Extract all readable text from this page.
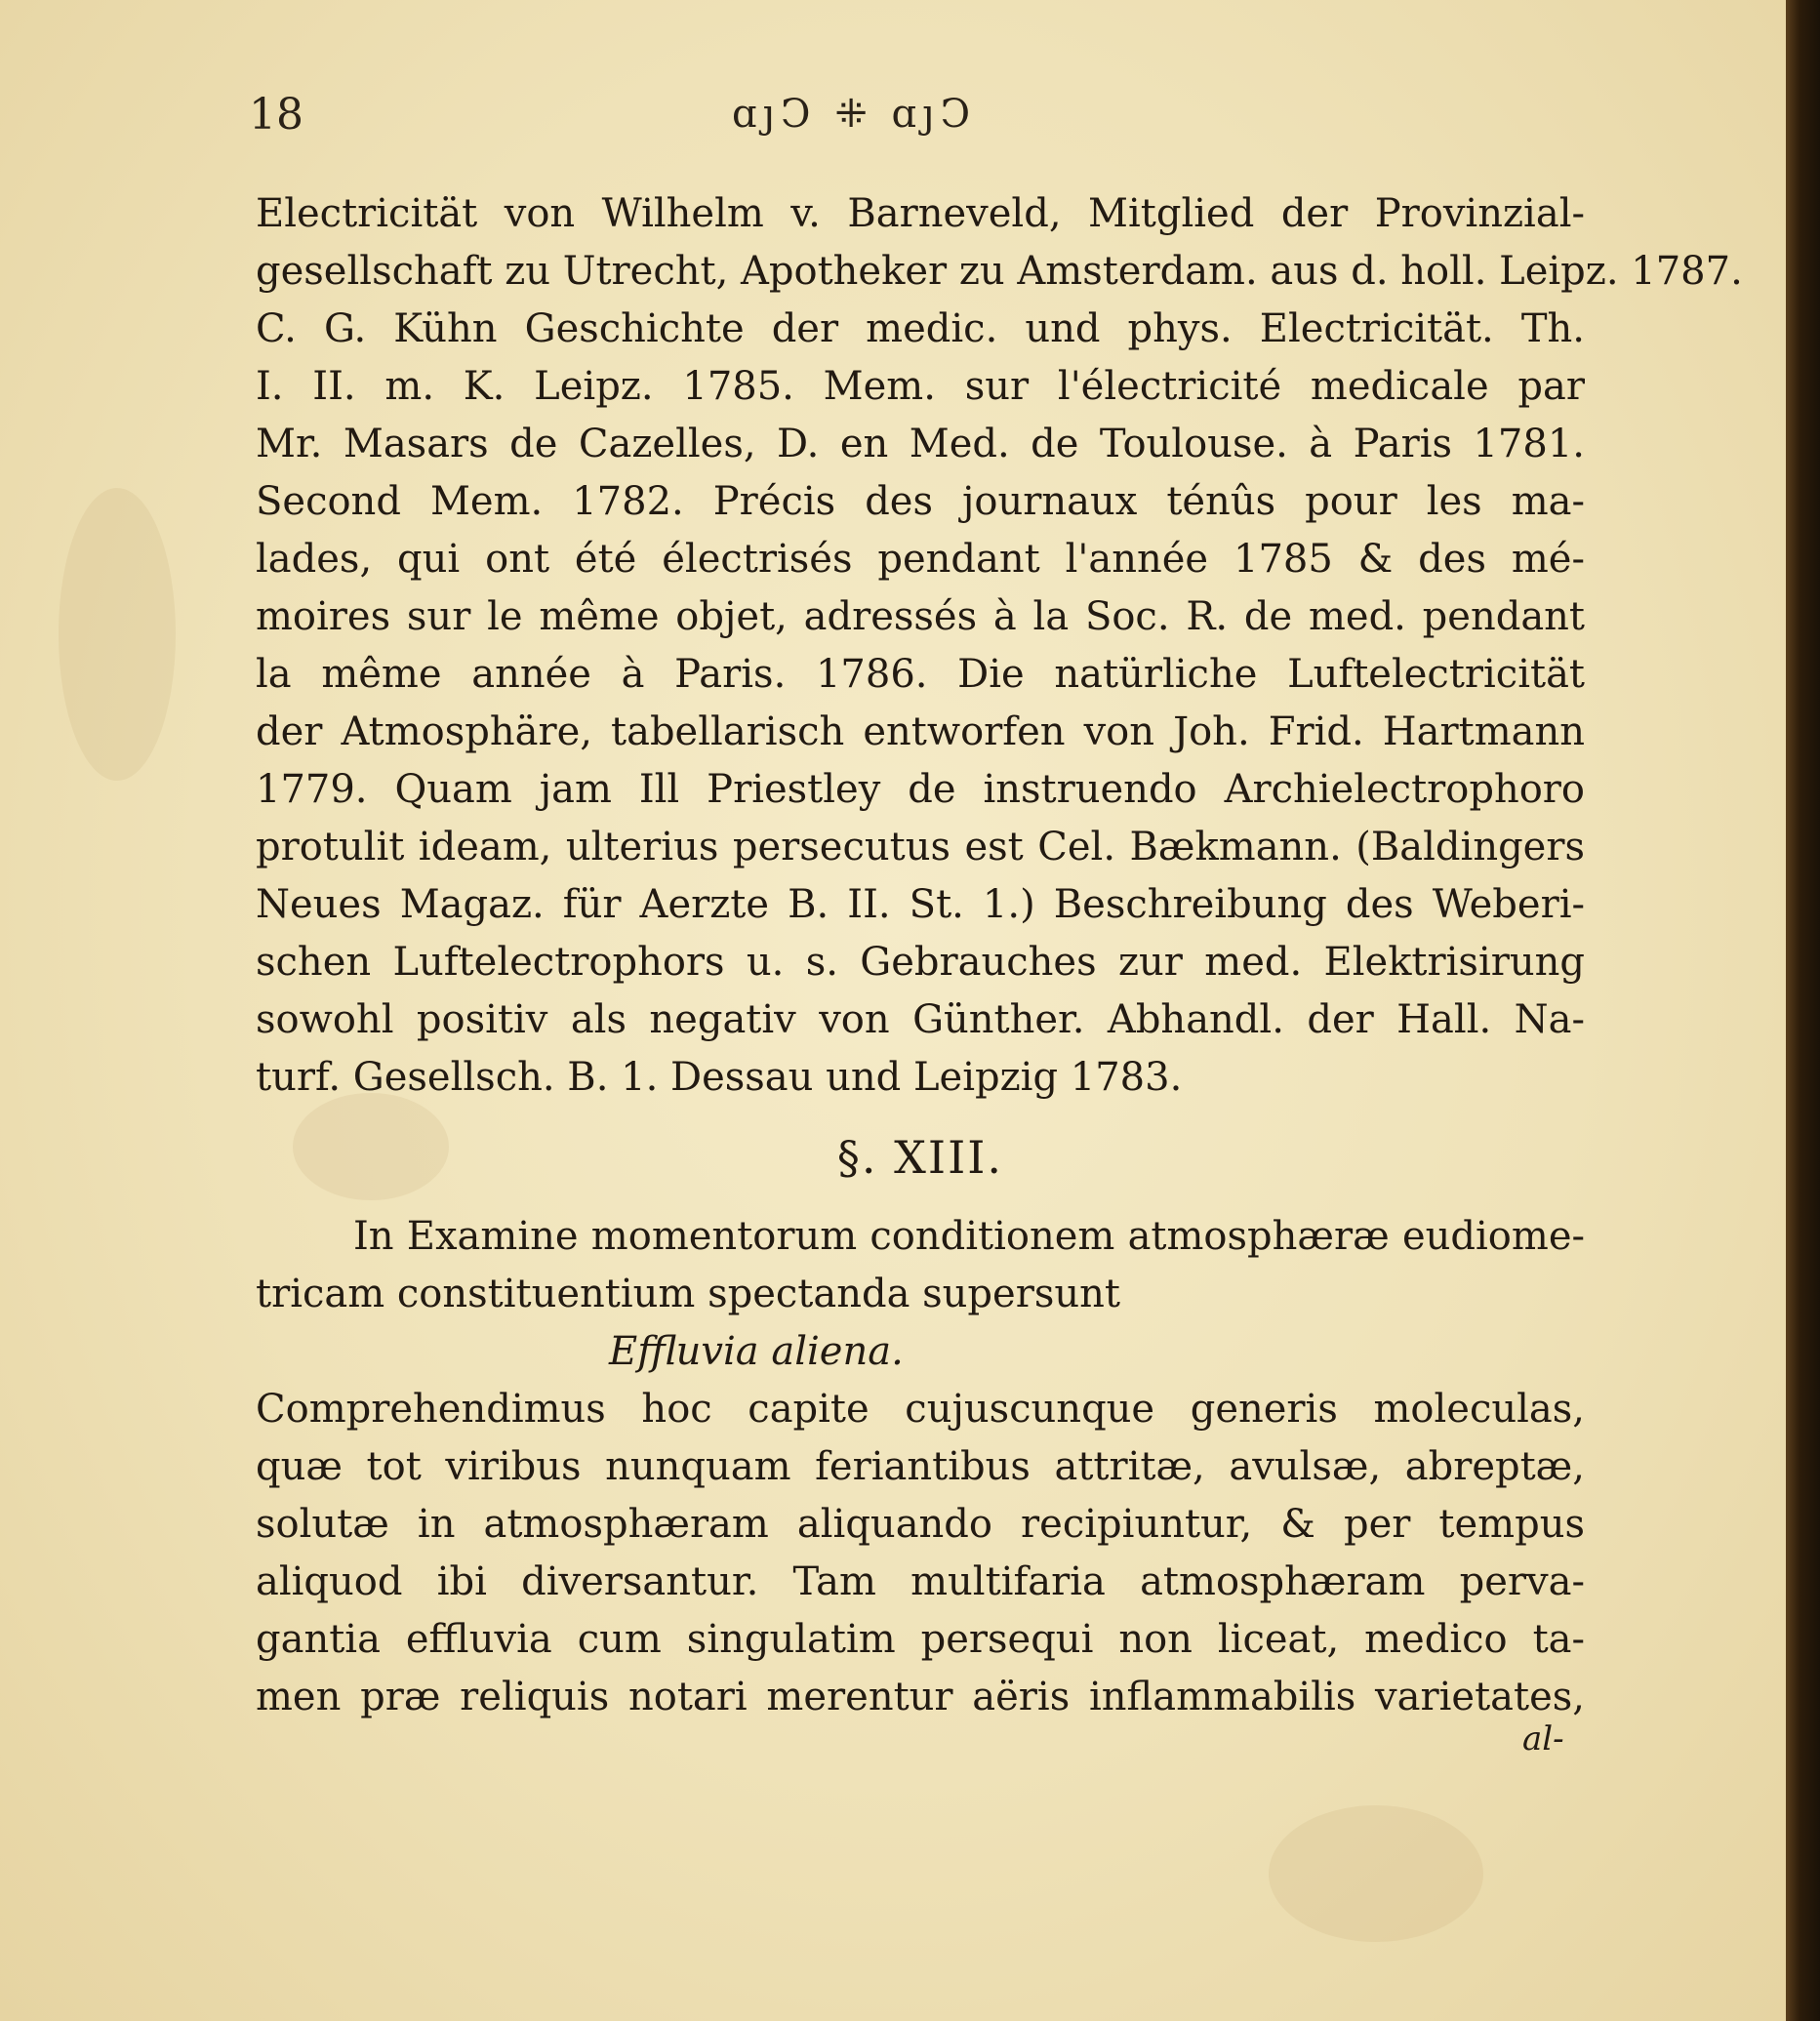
18	ɑȷϽ ⁜ ɑȷϽ
Electricität von Wilhelm v. Barneveld, Mitglied der Provinzial-
gesellschaft zu Utrecht, Apotheker zu Amsterdam. aus d. holl. Leipz. 1787.
C. G. Kühn Geschichte der medic. und phys. Electricität. Th.
I. II. m. K. Leipz. 1785. Mem. sur l'électricité medicale par
Mr. Masars de Cazelles, D. en Med. de Toulouse. à Paris 1781.
Second Mem. 1782. Précis des journaux ténûs pour les ma-
lades, qui ont été électrisés pendant l'année 1785 & des mé-
moires sur le même objet, adressés à la Soc. R. de med. pendant
la même année à Paris. 1786. Die natürliche Luftelectricität
der Atmosphäre, tabellarisch entworfen von Joh. Frid. Hartmann
1779. Quam jam Ill Priestley de instruendo Archielectrophoro
protulit ideam, ulterius persecutus est Cel. Bækmann. (Baldingers
Neues Magaz. für Aerzte B. II. St. 1.) Beschreibung des Weberi-
schen Luftelectrophors u. s. Gebrauches zur med. Elektrisirung
sowohl positiv als negativ von Günther. Abhandl. der Hall. Na-
turf. Gesellsch. B. 1. Dessau und Leipzig 1783.
§. XIII.
In Examine momentorum conditionem atmosphæræ eudiome-
tricam constituentium spectanda supersunt
Effluvia aliena.
Comprehendimus hoc capite cujuscunque generis moleculas,
quæ tot viribus nunquam feriantibus attritæ, avulsæ, abreptæ,
solutæ in atmosphæram aliquando recipiuntur, & per tempus
aliquod ibi diversantur. Tam multifaria atmosphæram perva-
gantia effluvia cum singulatim persequi non liceat, medico ta-
men præ reliquis notari merentur aëris inflammabilis varietates,
al-
